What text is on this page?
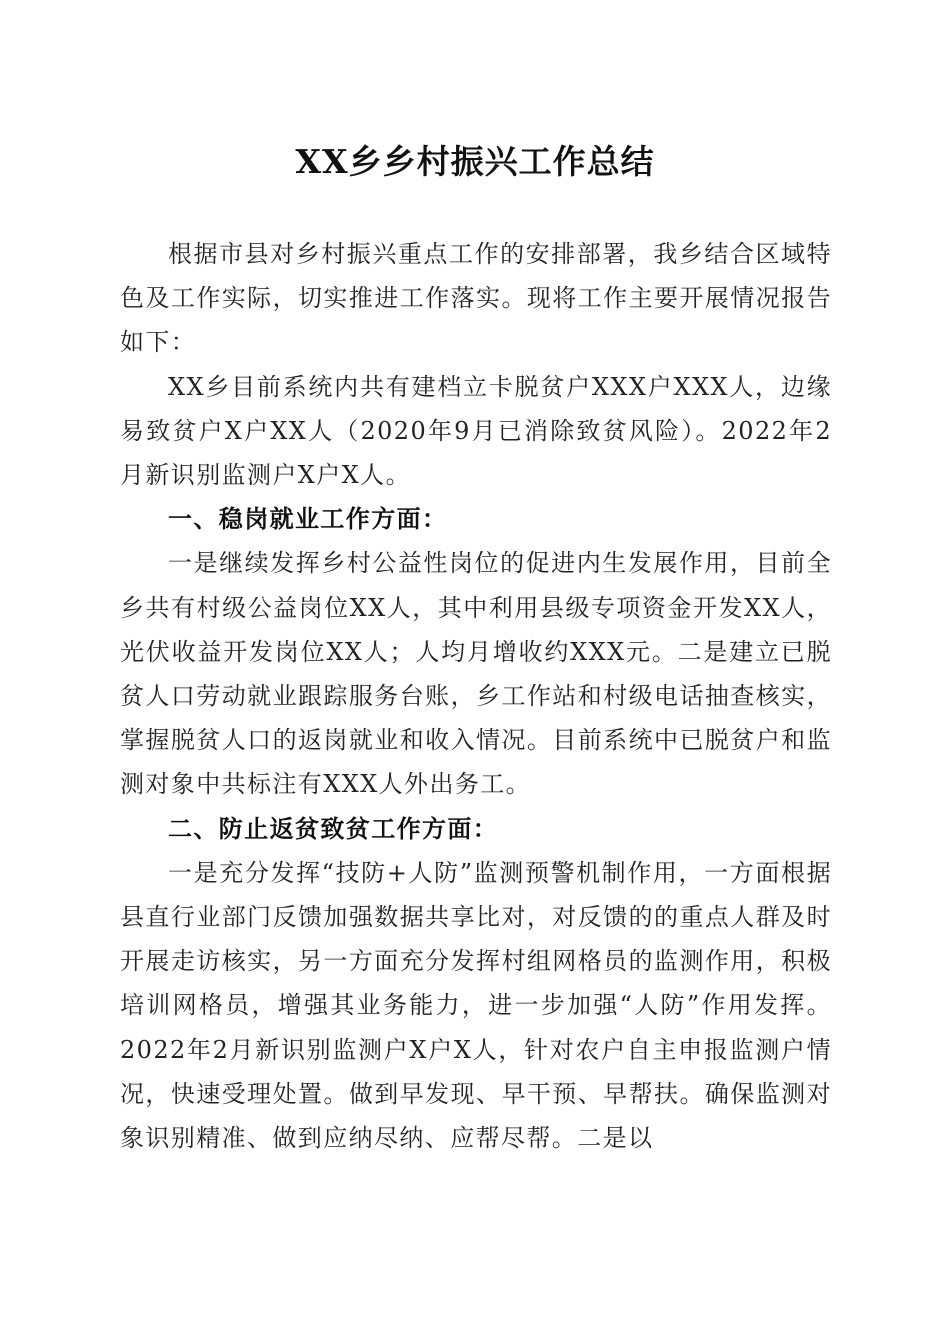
XX乡乡村振兴工作总结

根据市县对乡村振兴重点工作的安排部署，我乡结合区域特色及工作实际，切实推进工作落实。现将工作主要开展情况报告如下：

XX乡目前系统内共有建档立卡脱贫户XXX户XXX人，边缘易致贫户X户XX人（2020年9月已消除致贫风险）。2022年2月新识别监测户X户X人。

一、稳岗就业工作方面：

一是继续发挥乡村公益性岗位的促进内生发展作用，目前全乡共有村级公益岗位XX人，其中利用县级专项资金开发XX人，光伏收益开发岗位XX人；人均月增收约XXX元。二是建立已脱贫人口劳动就业跟踪服务台账，乡工作站和村级电话抽查核实，掌握脱贫人口的返岗就业和收入情况。目前系统中已脱贫户和监测对象中共标注有XXX人外出务工。

二、防止返贫致贫工作方面：

一是充分发挥“技防+人防”监测预警机制作用，一方面根据县直行业部门反馈加强数据共享比对，对反馈的的重点人群及时开展走访核实，另一方面充分发挥村组网格员的监测作用，积极培训网格员，增强其业务能力，进一步加强“人防”作用发挥。2022年2月新识别监测户X户X人，针对农户自主申报监测户情况，快速受理处置。做到早发现、早干预、早帮扶。确保监测对象识别精准、做到应纳尽纳、应帮尽帮。二是以
